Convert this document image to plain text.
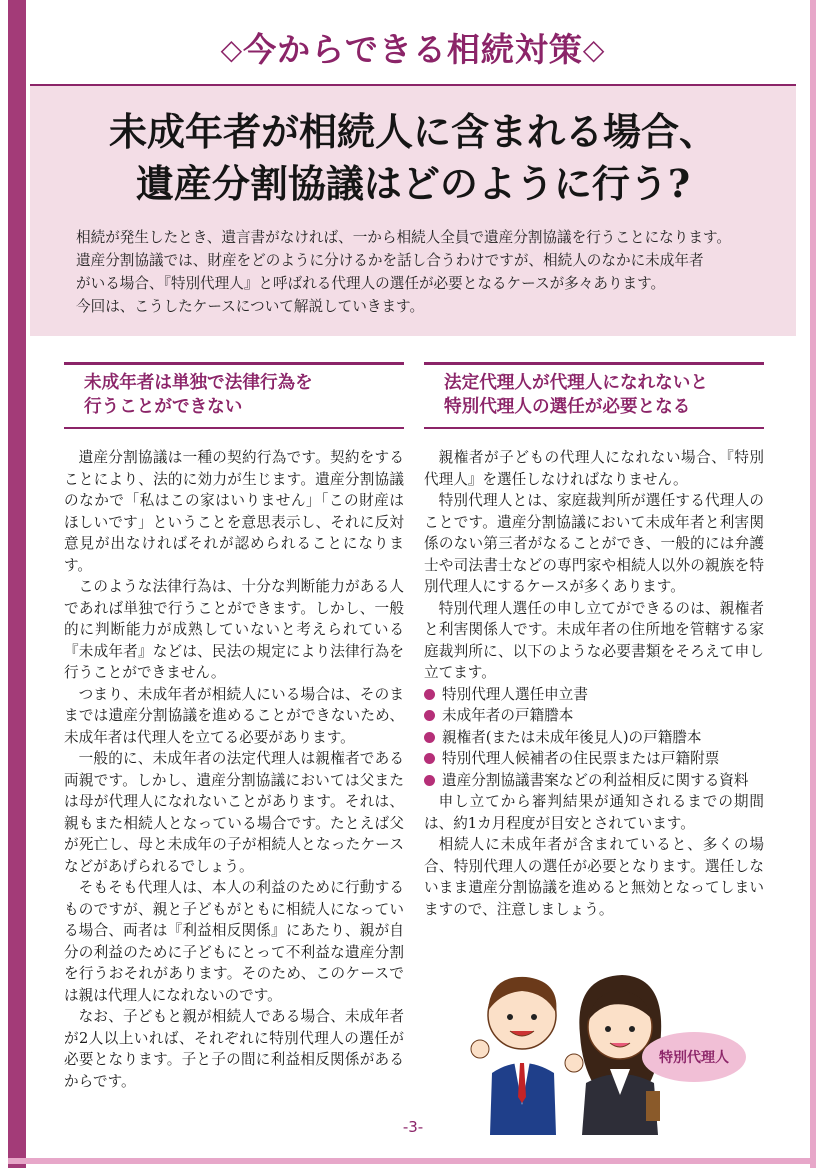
◇今からできる相続対策◇
未成年者が相続人に含まれる場合、
遺産分割協議はどのように行う?

相続が発生したとき、遺言書がなければ、一から相続人全員で遺産分割協議を行うことになります。

遺産分割協議では、財産をどのように分けるかを話し合うわけですが、相続人のなかに未成年者

がいる場合、『特別代理人』と呼ばれる代理人の選任が必要となるケースが多々あります。

今回は、こうしたケースについて解説していきます。

未成年者は単独で法律行為を
行うことができない

遺産分割協議は一種の契約行為です。契約をすることにより、法的に効力が生じます。遺産分割協議のなかで「私はこの家はいりません」「この財産はほしいです」ということを意思表示し、それに反対意見が出なければそれが認められることになります。

このような法律行為は、十分な判断能力がある人であれば単独で行うことができます。しかし、一般的に判断能力が成熟していないと考えられている『未成年者』などは、民法の規定により法律行為を行うことができません。

つまり、未成年者が相続人にいる場合は、そのままでは遺産分割協議を進めることができないため、未成年者は代理人を立てる必要があります。

一般的に、未成年者の法定代理人は親権者である両親です。しかし、遺産分割協議においては父または母が代理人になれないことがあります。それは、親もまた相続人となっている場合です。たとえば父が死亡し、母と未成年の子が相続人となったケースなどがあげられるでしょう。

そもそも代理人は、本人の利益のために行動するものですが、親と子どもがともに相続人になっている場合、両者は『利益相反関係』にあたり、親が自分の利益のために子どもにとって不利益な遺産分割を行うおそれがあります。そのため、このケースでは親は代理人になれないのです。

なお、子どもと親が相続人である場合、未成年者が2人以上いれば、それぞれに特別代理人の選任が必要となります。子と子の間に利益相反関係があるからです。

法定代理人が代理人になれないと
特別代理人の選任が必要となる

親権者が子どもの代理人になれない場合、『特別代理人』を選任しなければなりません。

特別代理人とは、家庭裁判所が選任する代理人のことです。遺産分割協議において未成年者と利害関係のない第三者がなることができ、一般的には弁護士や司法書士などの専門家や相続人以外の親族を特別代理人にするケースが多くあります。

特別代理人選任の申し立てができるのは、親権者と利害関係人です。未成年者の住所地を管轄する家庭裁判所に、以下のような必要書類をそろえて申し立てます。

特別代理人選任申立書
未成年者の戸籍謄本
親権者(または未成年後見人)の戸籍謄本
特別代理人候補者の住民票または戸籍附票
遺産分割協議書案などの利益相反に関する資料

申し立てから審判結果が通知されるまでの期間は、約1カ月程度が目安とされています。

相続人に未成年者が含まれていると、多くの場合、特別代理人の選任が必要となります。選任しないまま遺産分割協議を進めると無効となってしまいますので、注意しましょう。

特別代理人
-3-
